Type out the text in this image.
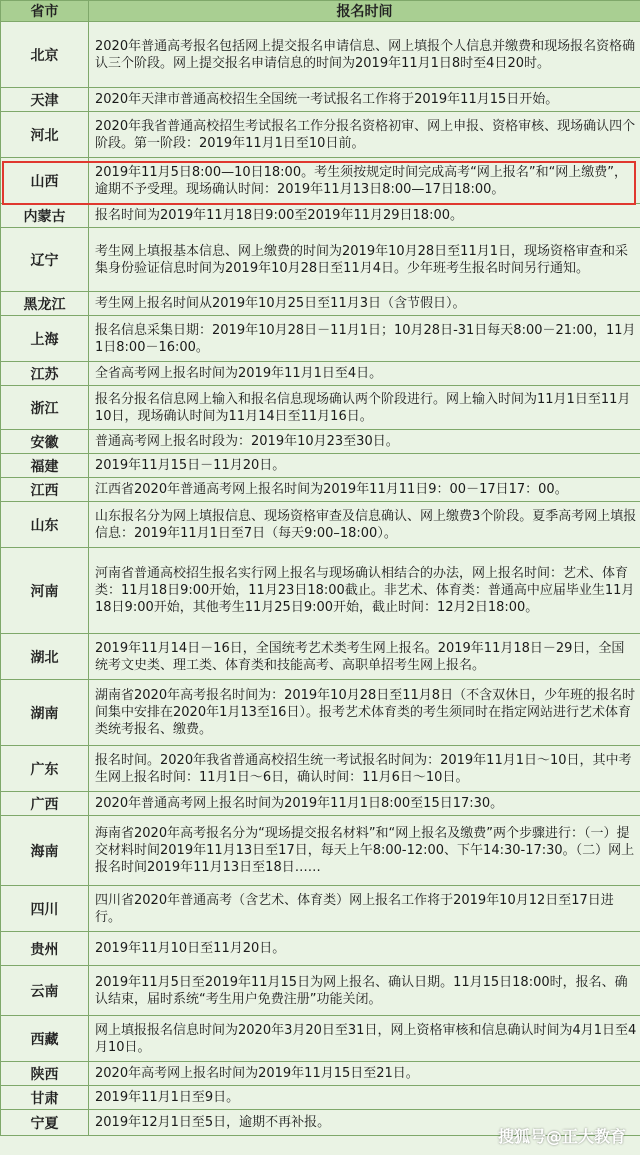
省市	报名时间
北京	2020年普通高考报名包括网上提交报名申请信息、网上填报个人信息并缴费和现场报名资格确认三个阶段。网上提交报名申请信息的时间为2019年11月1日8时至4日20时。
天津	2020年天津市普通高校招生全国统一考试报名工作将于2019年11月15日开始。
河北	2020年我省普通高校招生考试报名工作分报名资格初审、网上申报、资格审核、现场确认四个阶段。第一阶段：2019年11月1日至10日前。
山西	2019年11月5日8:00—10日18:00。考生须按规定时间完成高考“网上报名”和“网上缴费”，逾期不予受理。现场确认时间：2019年11月13日8:00—17日18:00。
内蒙古	报名时间为2019年11月18日9:00至2019年11月29日18:00。
辽宁	考生网上填报基本信息、网上缴费的时间为2019年10月28日至11月1日，现场资格审查和采集身份验证信息时间为2019年10月28日至11月4日。少年班考生报名时间另行通知。
黑龙江	考生网上报名时间从2019年10月25日至11月3日（含节假日）。
上海	报名信息采集日期：2019年10月28日－11月1日；10月28日-31日每天8:00－21:00，11月1日8:00－16:00。
江苏	全省高考网上报名时间为2019年11月1日至4日。
浙江	报名分报名信息网上输入和报名信息现场确认两个阶段进行。网上输入时间为11月1日至11月10日，现场确认时间为11月14日至11月16日。
安徽	普通高考网上报名时段为：2019年10月23至30日。
福建	2019年11月15日－11月20日。
江西	江西省2020年普通高考网上报名时间为2019年11月11日9：00－17日17：00。
山东	山东报名分为网上填报信息、现场资格审查及信息确认、网上缴费3个阶段。夏季高考网上填报信息：2019年11月1日至7日（每天9:00–18:00）。
河南	河南省普通高校招生报名实行网上报名与现场确认相结合的办法，网上报名时间：艺术、体育类：11月18日9:00开始，11月23日18:00截止。非艺术、体育类：普通高中应届毕业生11月18日9:00开始，其他考生11月25日9:00开始，截止时间：12月2日18:00。
湖北	2019年11月14日－16日，全国统考艺术类考生网上报名。2019年11月18日－29日，全国统考文史类、理工类、体育类和技能高考、高职单招考生网上报名。
湖南	湖南省2020年高考报名时间为：2019年10月28日至11月8日（不含双休日，少年班的报名时间集中安排在2020年1月13至16日）。报考艺术体育类的考生须同时在指定网站进行艺术体育类统考报名、缴费。
广东	报名时间。2020年我省普通高校招生统一考试报名时间为：2019年11月1日～10日，其中考生网上报名时间：11月1日～6日，确认时间：11月6日～10日。
广西	2020年普通高考网上报名时间为2019年11月1日8:00至15日17:30。
海南	海南省2020年高考报名分为“现场提交报名材料”和“网上报名及缴费”两个步骤进行：（一）提交材料时间2019年11月13日至17日，每天上午8:00-12:00、下午14:30-17:30。（二）网上报名时间2019年11月13日至18日……
四川	四川省2020年普通高考（含艺术、体育类）网上报名工作将于2019年10月12日至17日进行。
贵州	2019年11月10日至11月20日。
云南	2019年11月5日至2019年11月15日为网上报名、确认日期。11月15日18:00时，报名、确认结束，届时系统“考生用户免费注册”功能关闭。
西藏	网上填报报名信息时间为2020年3月20日至31日，网上资格审核和信息确认时间为4月1日至4月10日。
陕西	2020年高考网上报名时间为2019年11月15日至21日。
甘肃	2019年11月1日至9日。
宁夏	2019年12月1日至5日，逾期不再补报。
搜狐号@正大教育
